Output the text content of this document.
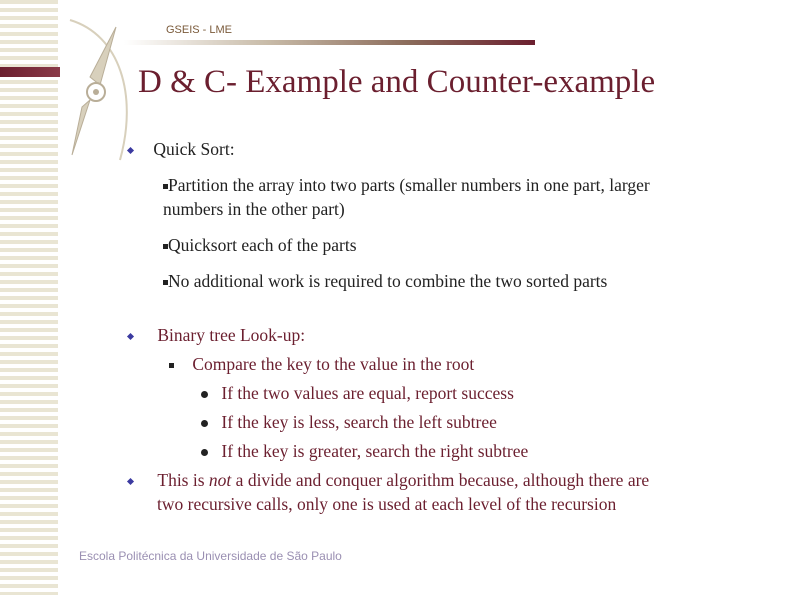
GSEIS - LME
D & C- Example and Counter-example
Quick Sort:
Partition the array into two parts (smaller numbers in one part, larger
numbers in the other part)
Quicksort each of the parts
No additional work is required to combine the two sorted parts
Binary tree Look-up:
Compare the key to the value in the root
If the two values are equal, report success
If the key is less, search the left subtree
If the key is greater, search the right subtree
This is not a divide and conquer algorithm because, although there are
two recursive calls, only one is used at each level of the recursion
Escola Politécnica da Universidade de São Paulo
